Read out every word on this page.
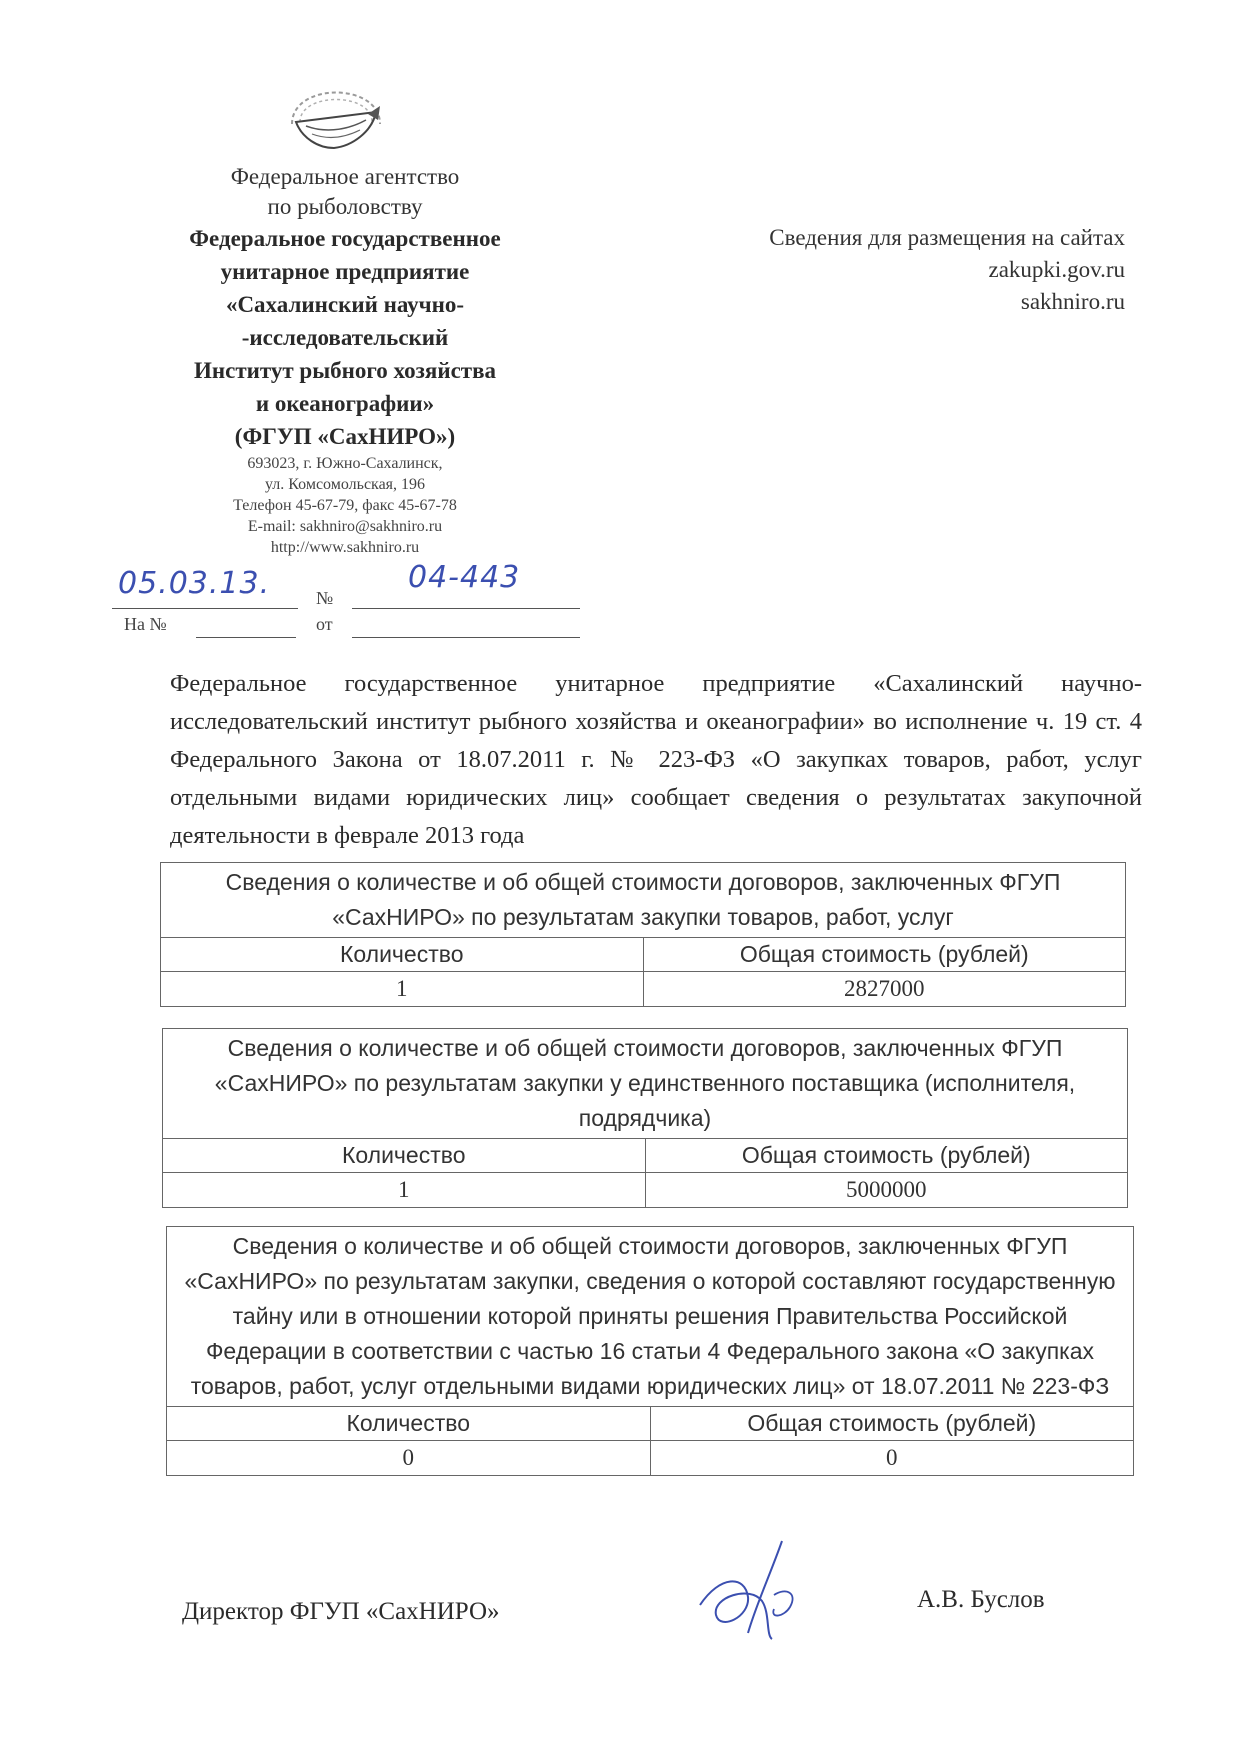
Федеральное агентство
по рыболовству
Федеральное государственное
унитарное предприятие
«Сахалинский научно-
-исследовательский
Институт рыбного хозяйства
и океанографии»
(ФГУП «СахНИРО»)
693023, г. Южно-Сахалинск,
ул. Комсомольская, 196
Телефон 45-67-79, факс 45-67-78
E-mail: sakhniro@sakhniro.ru
http://www.sakhniro.ru
Сведения для размещения на сайтах
zakupki.gov.ru
sakhniro.ru
05.03.13.	№
04-443
На №	от

Федеральное государственное унитарное предприятие «Сахалинский научно-исследовательский институт рыбного хозяйства и океанографии» во исполнение ч. 19 ст. 4 Федерального Закона от 18.07.2011 г. № 223-ФЗ «О закупках товаров, работ, услуг отдельными видами юридических лиц» сообщает сведения о результатах закупочной деятельности в феврале 2013 года

Сведения о количестве и об общей стоимости договоров, заключенных ФГУП «СахНИРО» по результатам закупки товаров, работ, услуг	
Количество	Общая стоимость (рублей)
1	2827000
Сведения о количестве и об общей стоимости договоров, заключенных ФГУП «СахНИРО» по результатам закупки у единственного поставщика (исполнителя, подрядчика)	
Количество	Общая стоимость (рублей)
1	5000000
Сведения о количестве и об общей стоимости договоров, заключенных ФГУП «СахНИРО» по результатам закупки, сведения о которой составляют государственную тайну или в отношении которой приняты решения Правительства Российской Федерации в соответствии с частью 16 статьи 4 Федерального закона «О закупках товаров, работ, услуг отдельными видами юридических лиц» от 18.07.2011 № 223-ФЗ	
Количество	Общая стоимость (рублей)
0	0
Директор ФГУП «СахНИРО»	А.В. Буслов
